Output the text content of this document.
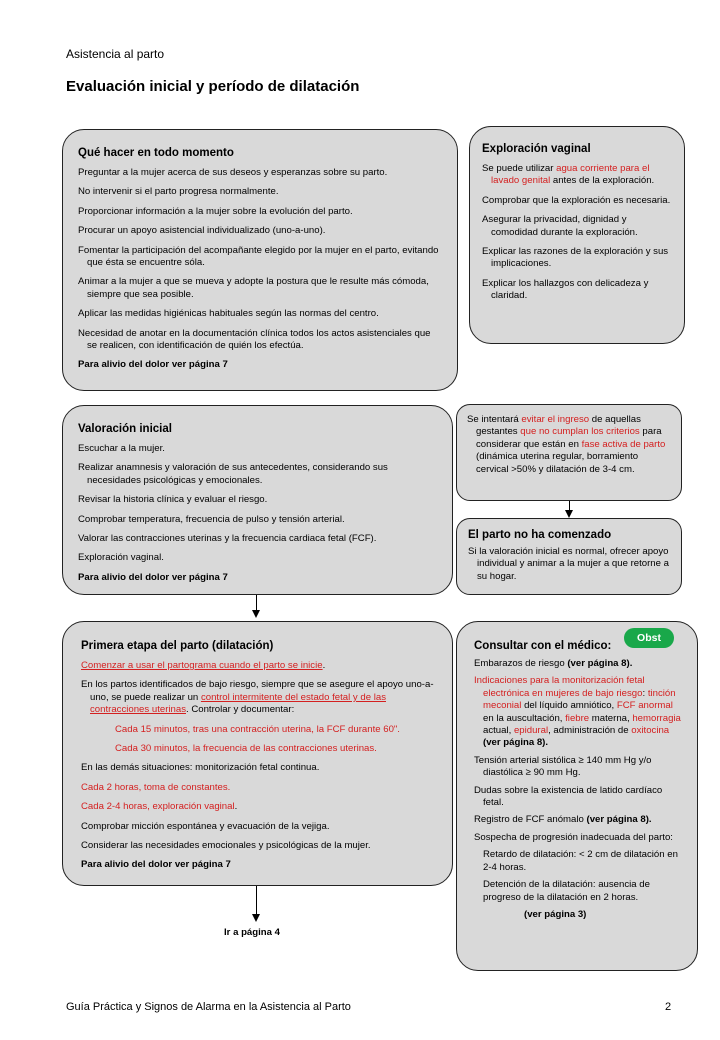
Asistencia al parto
Evaluación inicial y período de dilatación
Qué hacer en todo momento
Preguntar a la mujer acerca de sus deseos y esperanzas sobre su parto.
No intervenir si el parto progresa normalmente.
Proporcionar información a la mujer sobre la evolución del parto.
Procurar un apoyo asistencial individualizado (uno-a-uno).
Fomentar la participación del acompañante elegido por la mujer en el parto, evitando que ésta se encuentre sóla.
Animar a la mujer a que se mueva y adopte la postura que le resulte más cómoda, siempre que sea posible.
Aplicar las medidas higiénicas habituales según las normas del centro.
Necesidad de anotar en la documentación clínica todos los actos asistenciales que se realicen, con identificación de quién los efectúa.
Para alivio del dolor ver página 7
Exploración vaginal
Se puede utilizar agua corriente para el lavado genital antes de la exploración.
Comprobar que la exploración es necesaria.
Asegurar la privacidad, dignidad y comodidad durante la exploración.
Explicar las razones de la exploración y sus implicaciones.
Explicar los hallazgos con delicadeza y claridad.
Valoración inicial
Escuchar a la mujer.
Realizar anamnesis y valoración de sus antecedentes, considerando sus necesidades psicológicas y emocionales.
Revisar la historia clínica y evaluar el riesgo.
Comprobar temperatura, frecuencia de pulso y tensión arterial.
Valorar las contracciones uterinas y la frecuencia cardiaca fetal (FCF).
Exploración vaginal.
Para alivio del dolor ver página 7
Se intentará evitar el ingreso de aquellas gestantes que no cumplan los criterios para considerar que están en fase activa de parto (dinámica uterina regular, borramiento cervical >50% y dilatación de 3-4 cm.
El parto no ha comenzado
Si la valoración inicial es normal, ofrecer apoyo individual y animar a la mujer a que retorne a su hogar.
Primera etapa del parto (dilatación)
Comenzar a usar el partograma cuando el parto se inicie.
En los partos identificados de bajo riesgo, siempre que se asegure el apoyo uno-a-uno, se puede realizar un control intermitente del estado fetal y de las contracciones uterinas. Controlar y documentar:
Cada 15 minutos, tras una contracción uterina, la FCF durante 60".
Cada 30 minutos, la frecuencia de las contracciones uterinas.
En las demás situaciones: monitorización fetal continua.
Cada 2 horas, toma de constantes.
Cada 2-4 horas, exploración vaginal.
Comprobar micción espontánea y evacuación de la vejiga.
Considerar las necesidades emocionales y psicológicas de la mujer.
Para alivio del dolor ver página 7
Ir a página 4
Consultar con el médico:
Embarazos de riesgo (ver página 8).
Indicaciones para la monitorización fetal electrónica en mujeres de bajo riesgo: tinción meconial del líquido amniótico, FCF anormal en la auscultación, fiebre materna, hemorragia actual, epidural, administración de oxitocina (ver página 8).
Tensión arterial sistólica ≥ 140 mm Hg y/o diastólica ≥ 90 mm Hg.
Dudas sobre la existencia de latido cardíaco fetal.
Registro de FCF anómalo (ver página 8).
Sospecha de progresión inadecuada del parto:
Retardo de dilatación: < 2 cm de dilatación en 2-4 horas.
Detención de la dilatación: ausencia de progreso de la dilatación en 2 horas.
(ver página 3)
Obst
Guía Práctica y Signos de Alarma en la Asistencia al Parto	2
